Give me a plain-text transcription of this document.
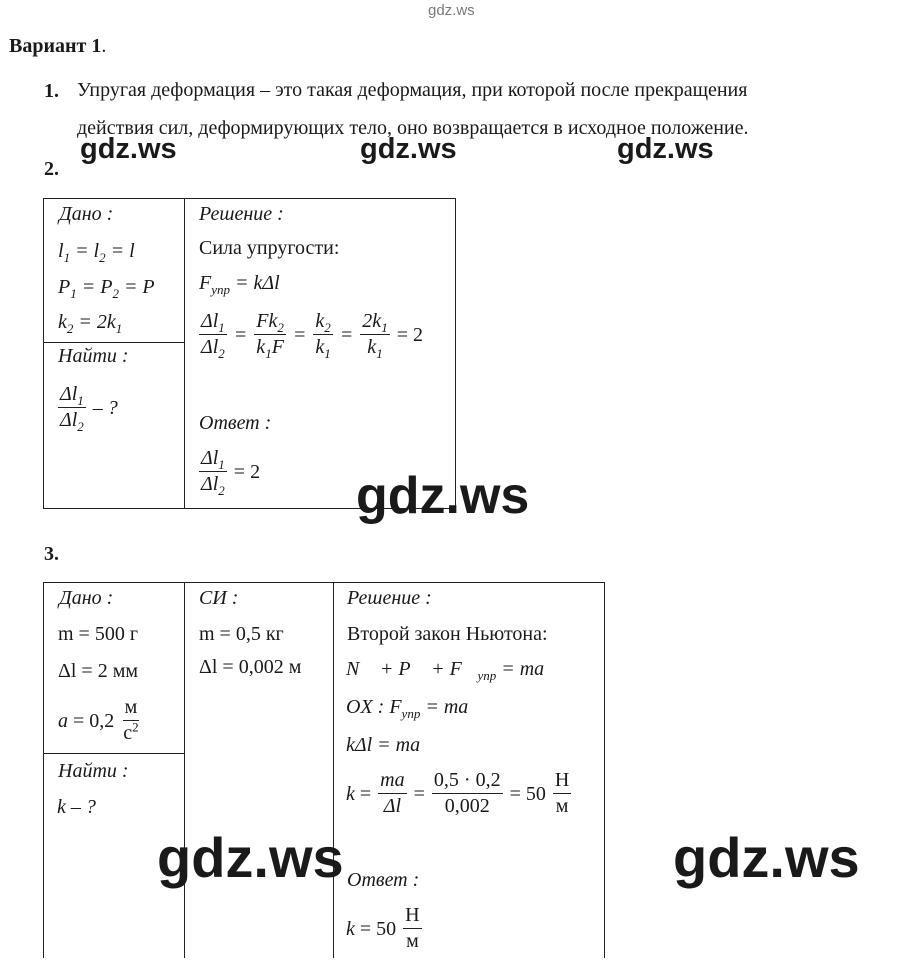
gdz.ws
Вариант 1.
1. Упругая деформация – это такая деформация, при которой после прекращения
действия сил, деформирующих тело, оно возвращается в исходное положение.
gdz.ws	gdz.ws	gdz.ws
2.
Дано :
$l_1 = l_2 = l$
$P_1 = P_2 = P$
$k_2 = 2k_1$
Найти :
$\frac{\Delta l_1}{\Delta l_2}$ – ?
Решение :
Сила упругости:
$F_{упр} = k\Delta l$
$\frac{\Delta l_1}{\Delta l_2} = \frac{Fk_2}{k_1F} = \frac{k_2}{k_1} = \frac{2k_1}{k_1}$
= 2
Ответ :
$\frac{\Delta l_1}{\Delta l_2}$
= 2 gdz.ws
3.
Дано :
m = 500 г
Δl = 2 мм
$a = 0,2 \frac{м}{с^2}$
Найти :
k – ?
СИ :
m = 0,5 кг
Δl = 0,002 м
Решение :
Второй закон Ньютона:
N⃗ + P⃗ + $F⃗_{упр}$ = ma⃗
OX : $F_{упр}$ = ma
kΔl = ma
$k = \frac{ma}{\Delta l} = \frac{0,5 \cdot 0,2}{0,002} = 50 \frac{Н}{м}$
Ответ :
$k = 50 \frac{Н}{м}$
gdz.ws	gdz.ws
